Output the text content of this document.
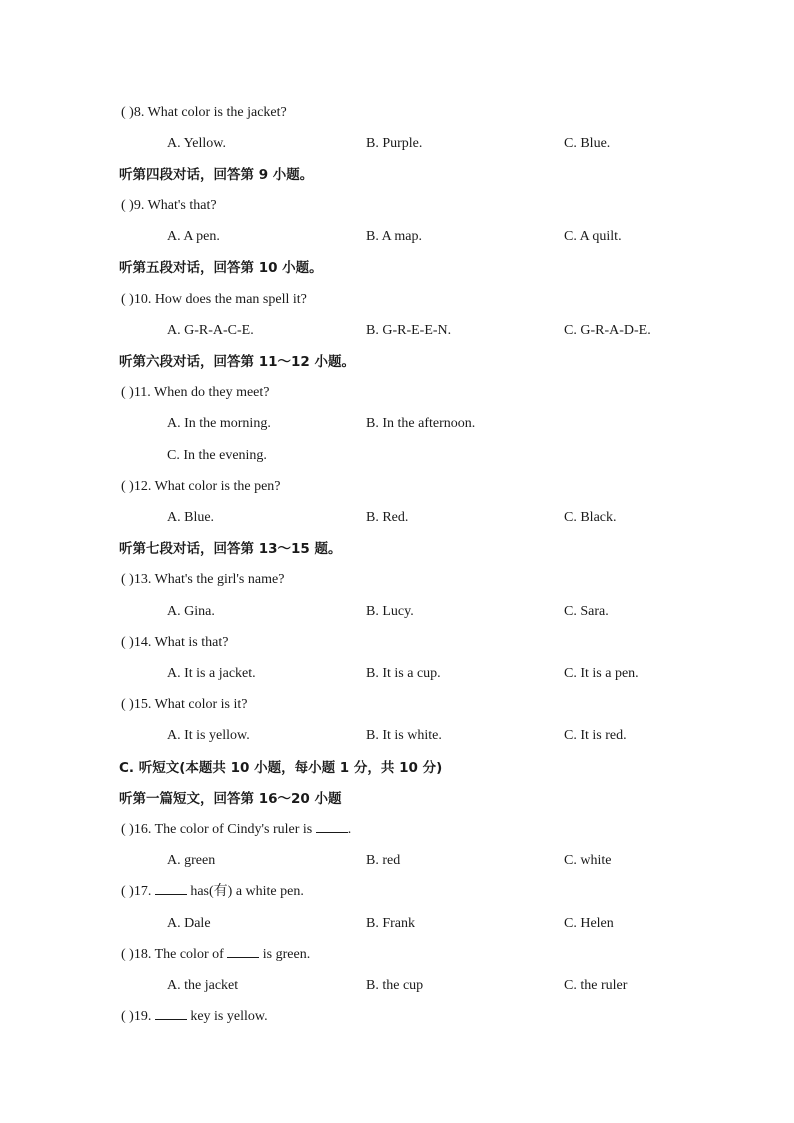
( )8. What color is the jacket?
A. Yellow.	B. Purple.	C. Blue.
听第四段对话，回答第 9 小题。
( )9. What's that?
A. A pen.	B. A map.	C. A quilt.
听第五段对话，回答第 10 小题。
( )10. How does the man spell it?
A. G-R-A-C-E.	B. G-R-E-E-N.	C. G-R-A-D-E.
听第六段对话，回答第 11～12 小题。
( )11. When do they meet?
A. In the morning.	B. In the afternoon.
C. In the evening.
( )12. What color is the pen?
A. Blue.	B. Red.	C. Black.
听第七段对话，回答第 13～15 题。
( )13. What's the girl's name?
A. Gina.	B. Lucy.	C. Sara.
( )14. What is that?
A. It is a jacket.	B. It is a cup.	C. It is a pen.
( )15. What color is it?
A. It is yellow.	B. It is white.	C. It is red.
C. 听短文(本题共 10 小题，每小题 1 分，共 10 分)
听第一篇短文，回答第 16～20 小题
( )16. The color of Cindy's ruler is .
A. green	B. red	C. white
( )17.  has(有) a white pen.
A. Dale	B. Frank	C. Helen
( )18. The color of  is green.
A. the jacket	B. the cup	C. the ruler
( )19.  key is yellow.
